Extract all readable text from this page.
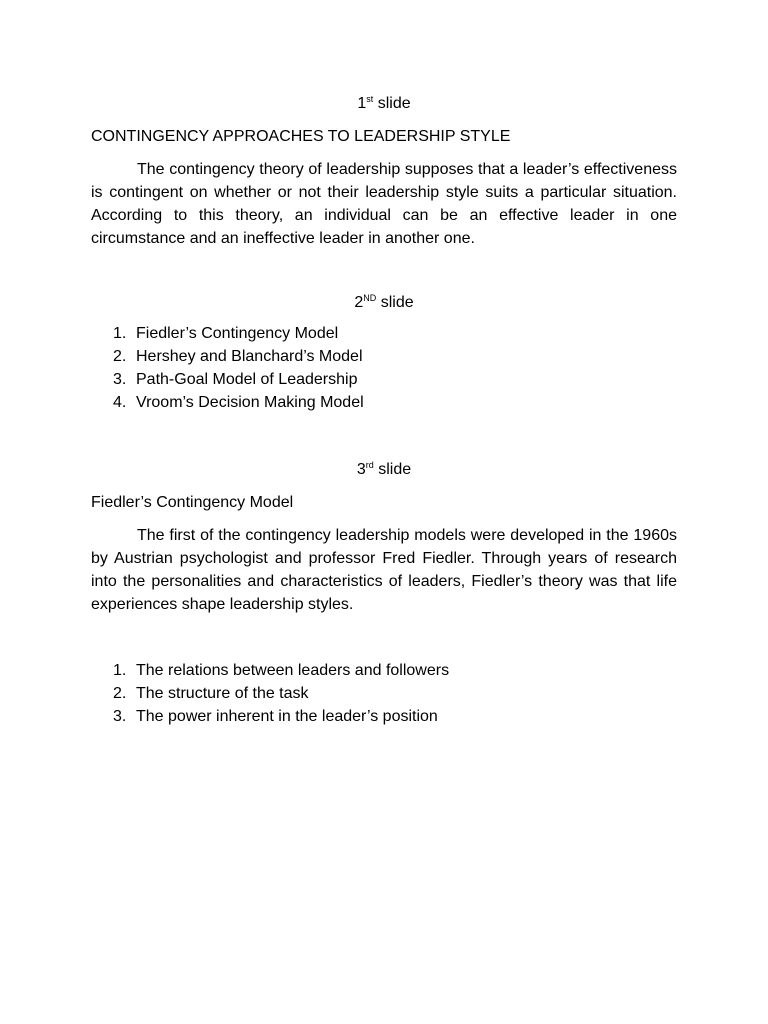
1st slide

CONTINGENCY APPROACHES TO LEADERSHIP STYLE

The contingency theory of leadership supposes that a leader’s effectiveness is contingent on whether or not their leadership style suits a particular situation. According to this theory, an individual can be an effective leader in one circumstance and an ineffective leader in another one.

2ND slide

1. Fiedler’s Contingency Model
2. Hershey and Blanchard’s Model
3. Path-Goal Model of Leadership
4. Vroom’s Decision Making Model

3rd slide

Fiedler’s Contingency Model

The first of the contingency leadership models were developed in the 1960s by Austrian psychologist and professor Fred Fiedler. Through years of research into the personalities and characteristics of leaders, Fiedler’s theory was that life experiences shape leadership styles.

1. The relations between leaders and followers
2. The structure of the task
3. The power inherent in the leader’s position
